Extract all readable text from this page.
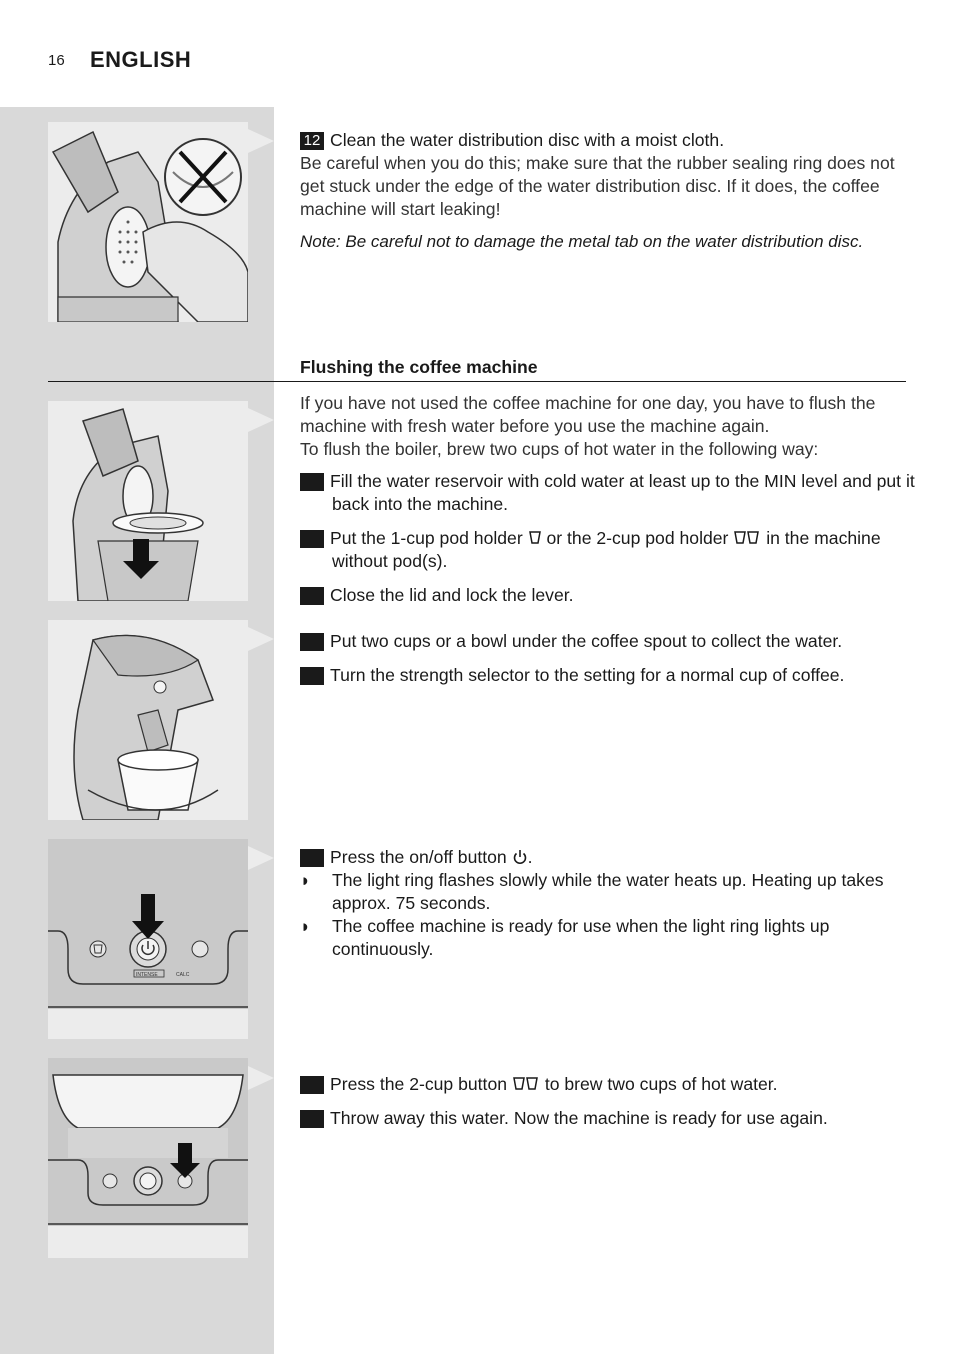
16 ENGLISH
12 Clean the water distribution disc with a moist cloth.
Be careful when you do this; make sure that the rubber sealing ring does not get stuck under the edge of the water distribution disc. If it does, the coffee machine will start leaking!
Note: Be careful not to damage the metal tab on the water distribution disc.
Flushing the coffee machine
If you have not used the coffee machine for one day, you have to flush the machine with fresh water before you use the machine again.
To flush the boiler, brew two cups of hot water in the following way:
1 Fill the water reservoir with cold water at least up to the MIN level and put it back into the machine.
2 Put the 1-cup pod holder or the 2-cup pod holder in the machine without pod(s).
3 Close the lid and lock the lever.
4 Put two cups or a bowl under the coffee spout to collect the water.
5 Turn the strength selector to the setting for a normal cup of coffee.
INTENSE	CALC
6 Press the on/off button .
◗ The light ring flashes slowly while the water heats up. Heating up takes approx. 75 seconds.
◗ The coffee machine is ready for use when the light ring lights up continuously.
7 Press the 2-cup button to brew two cups of hot water.
8 Throw away this water. Now the machine is ready for use again.
